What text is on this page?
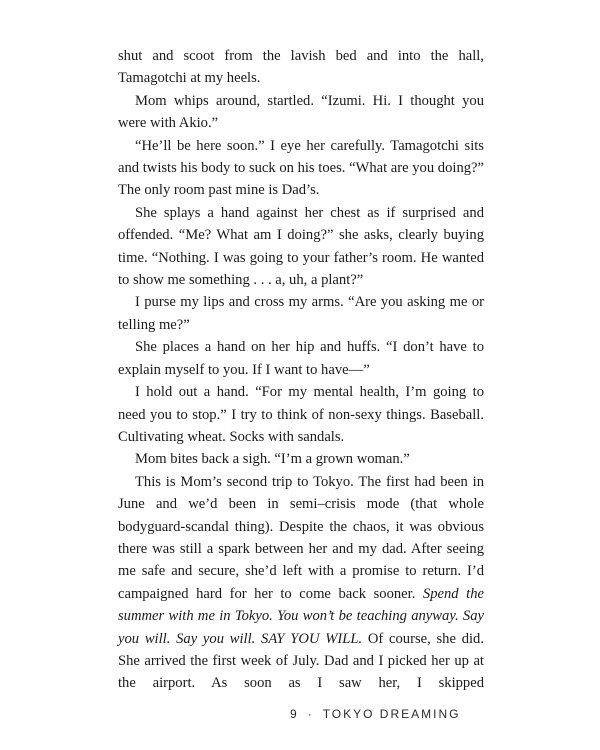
shut and scoot from the lavish bed and into the hall, Tamagotchi at my heels.

Mom whips around, startled. “Izumi. Hi. I thought you were with Akio.”

“He’ll be here soon.” I eye her carefully. Tamagotchi sits and twists his body to suck on his toes. “What are you doing?” The only room past mine is Dad’s.

She splays a hand against her chest as if surprised and offended. “Me? What am I doing?” she asks, clearly buying time. “Nothing. I was going to your father’s room. He wanted to show me something . . . a, uh, a plant?”

I purse my lips and cross my arms. “Are you asking me or telling me?”

She places a hand on her hip and huffs. “I don’t have to explain myself to you. If I want to have—”

I hold out a hand. “For my mental health, I’m going to need you to stop.” I try to think of non-sexy things. Baseball. Cultivating wheat. Socks with sandals.

Mom bites back a sigh. “I’m a grown woman.”

This is Mom’s second trip to Tokyo. The first had been in June and we’d been in semi–crisis mode (that whole bodyguard-scandal thing). Despite the chaos, it was obvious there was still a spark between her and my dad. After seeing me safe and secure, she’d left with a promise to return. I’d campaigned hard for her to come back sooner. Spend the summer with me in Tokyo. You won’t be teaching anyway. Say you will. Say you will. SAY YOU WILL. Of course, she did. She arrived the first week of July. Dad and I picked her up at the airport. As soon as I saw her, I skipped

9 · TOKYO DREAMING
